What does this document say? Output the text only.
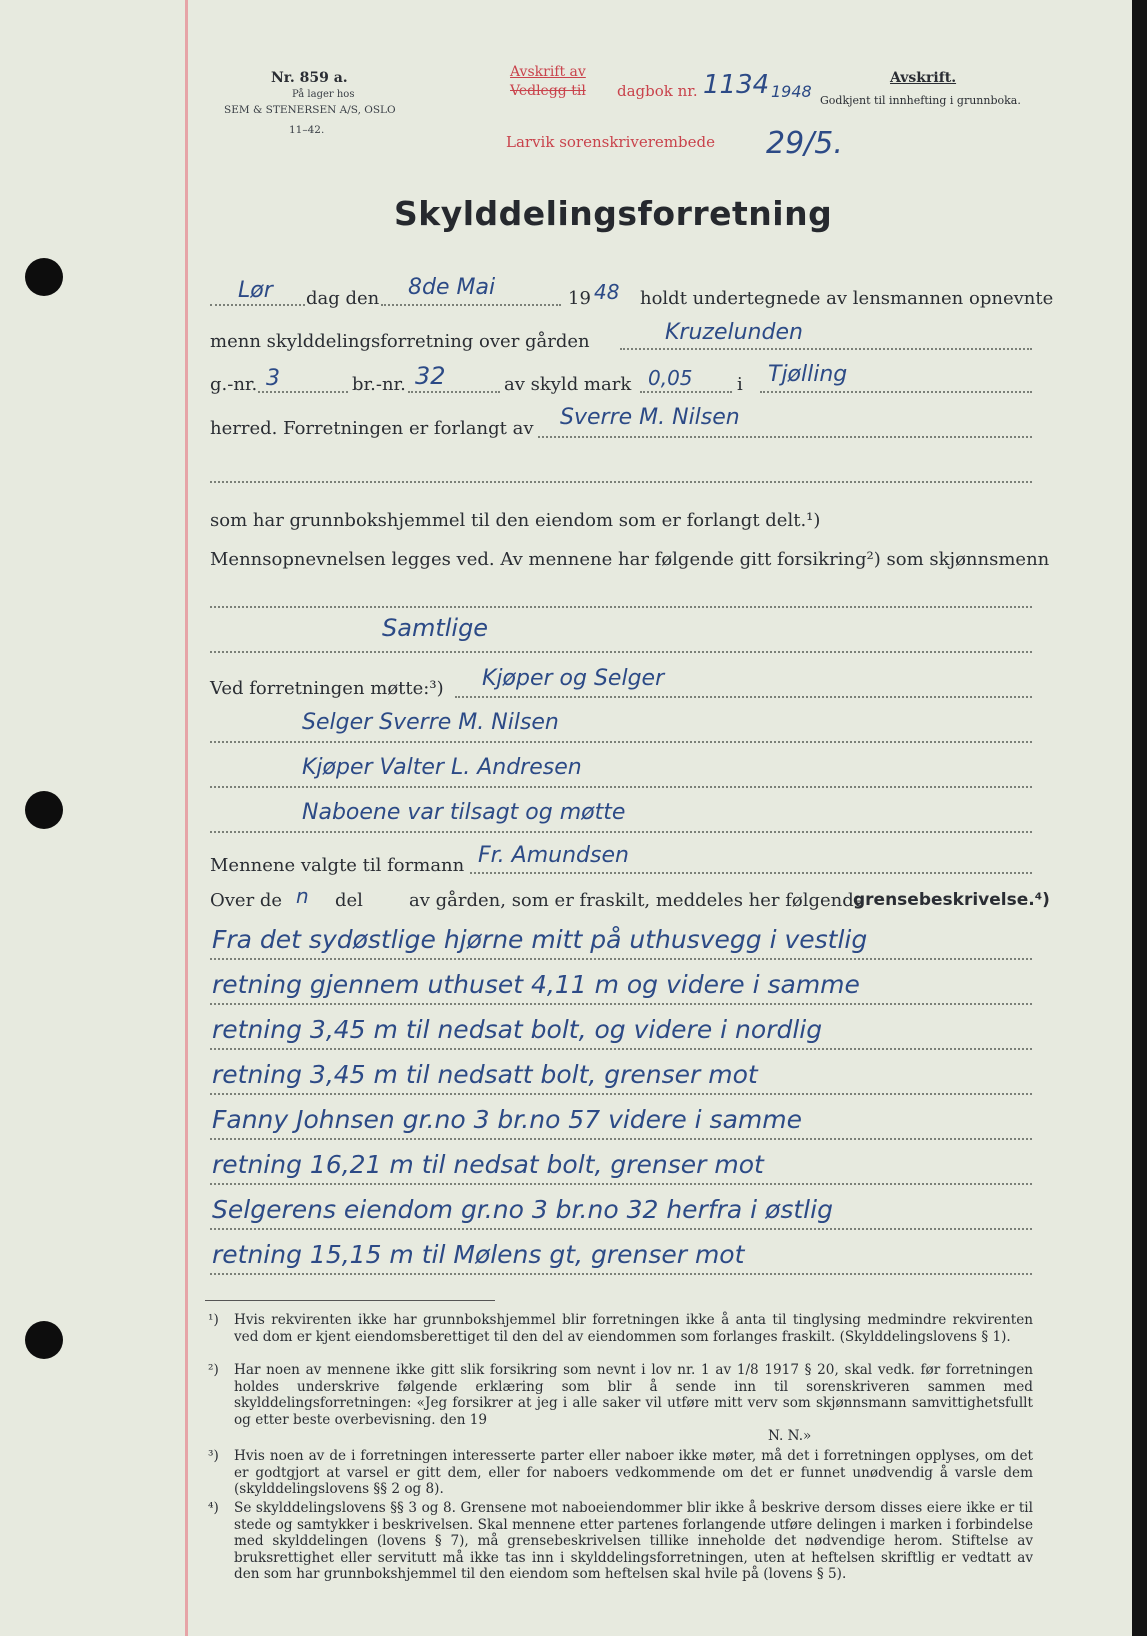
Nr. 859 a.
På lager hos
SEM & STENERSEN A/S, OSLO
11–42.
Avskrift av
Vedlegg til dagbok nr.
Larvik sorenskriverembede
1134 1948
29/5.
Avskrift.
Godkjent til innhefting i grunnboka.
Skylddelingsforretning
Lør dag den 8de Mai	19 48 holdt undertegnede av lensmannen opnevnte
menn skylddelingsforretning over gården	Kruzelunden
g.-nr. 3	br.-nr. 32	av skyld mark 0,05 i Tjølling
herred. Forretningen er forlangt av Sverre M. Nilsen
som har grunnbokshjemmel til den eiendom som er forlangt delt.¹)
Mennsopnevnelsen legges ved. Av mennene har følgende gitt forsikring²) som skjønnsmenn
Samtlige
Ved forretningen møtte:³) Kjøper og Selger
Selger Sverre M. Nilsen
Kjøper Valter L. Andresen
Naboene var tilsagt og møtte
Mennene valgte til formann Fr. Amundsen
Over de n del	av gården, som er fraskilt, meddeles her følgende
grensebeskrivelse.⁴)
Fra det sydøstlige hjørne mitt på uthusvegg i vestlig
retning gjennem uthuset 4,11 m og videre i samme
retning 3,45 m til nedsat bolt, og videre i nordlig
retning 3,45 m til nedsatt bolt, grenser mot
Fanny Johnsen gr.no 3 br.no 57 videre i samme
retning 16,21 m til nedsat bolt, grenser mot
Selgerens eiendom gr.no 3 br.no 32 herfra i østlig
retning 15,15 m til Mølens gt, grenser mot
¹) Hvis rekvirenten ikke har grunnbokshjemmel blir forretningen ikke å anta til tinglysing medmindre rekvirenten ved dom er kjent eiendomsberettiget til den del av eiendommen som forlanges fraskilt. (Skylddelingslovens § 1).
²) Har noen av mennene ikke gitt slik forsikring som nevnt i lov nr. 1 av 1/8 1917 § 20, skal vedk. før forretningen holdes underskrive følgende erklæring som blir å sende inn til sorenskriveren sammen med skylddelingsforretningen: «Jeg forsikrer at jeg i alle saker vil utføre mitt verv som skjønnsmann samvittighetsfullt og etter beste overbevisning. den 19
N. N.»
³) Hvis noen av de i forretningen interesserte parter eller naboer ikke møter, må det i forretningen opplyses, om det er godtgjort at varsel er gitt dem, eller for naboers vedkommende om det er funnet unødvendig å varsle dem (skylddelingslovens §§ 2 og 8).
⁴) Se skylddelingslovens §§ 3 og 8. Grensene mot naboeiendommer blir ikke å beskrive dersom disses eiere ikke er til stede og samtykker i beskrivelsen. Skal mennene etter partenes forlangende utføre delingen i marken i forbindelse med skylddelingen (lovens § 7), må grensebeskrivelsen tillike inneholde det nødvendige herom. Stiftelse av bruksrettighet eller servitutt må ikke tas inn i skylddelingsforretningen, uten at heftelsen skriftlig er vedtatt av den som har grunnbokshjemmel til den eiendom som heftelsen skal hvile på (lovens § 5).
